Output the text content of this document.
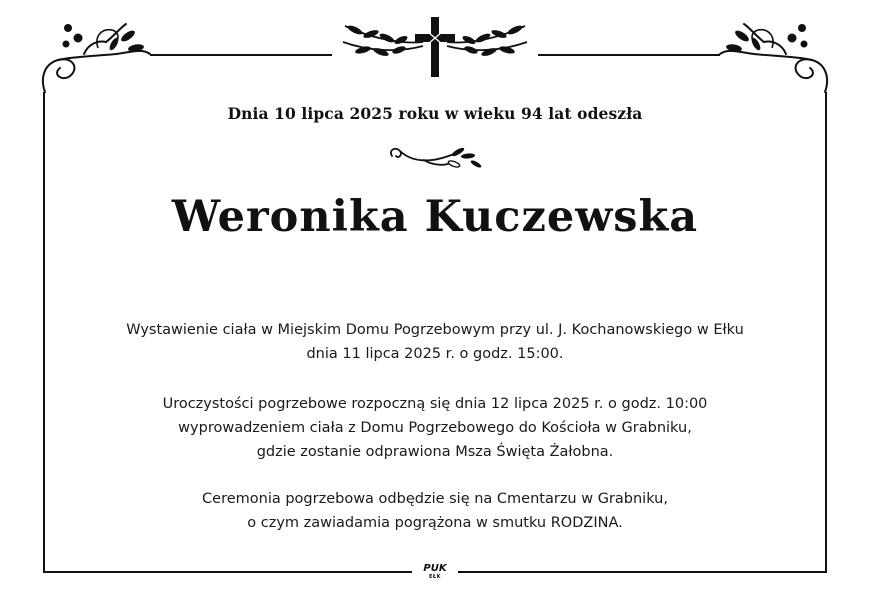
Dnia 10 lipca 2025 roku w wieku 94 lat odeszła
Weronika Kuczewska
Wystawienie ciała w Miejskim Domu Pogrzebowym przy ul. J. Kochanowskiego w Ełku
dnia 11 lipca 2025 r. o godz. 15:00.
Uroczystości pogrzebowe rozpoczną się dnia 12 lipca 2025 r. o godz. 10:00
wyprowadzeniem ciała z Domu Pogrzebowego do Kościoła w Grabniku,
gdzie zostanie odprawiona Msza Święta Żałobna.
Ceremonia pogrzebowa odbędzie się na Cmentarzu w Grabniku,
o czym zawiadamia pogrążona w smutku RODZINA.
PUK
EŁK
